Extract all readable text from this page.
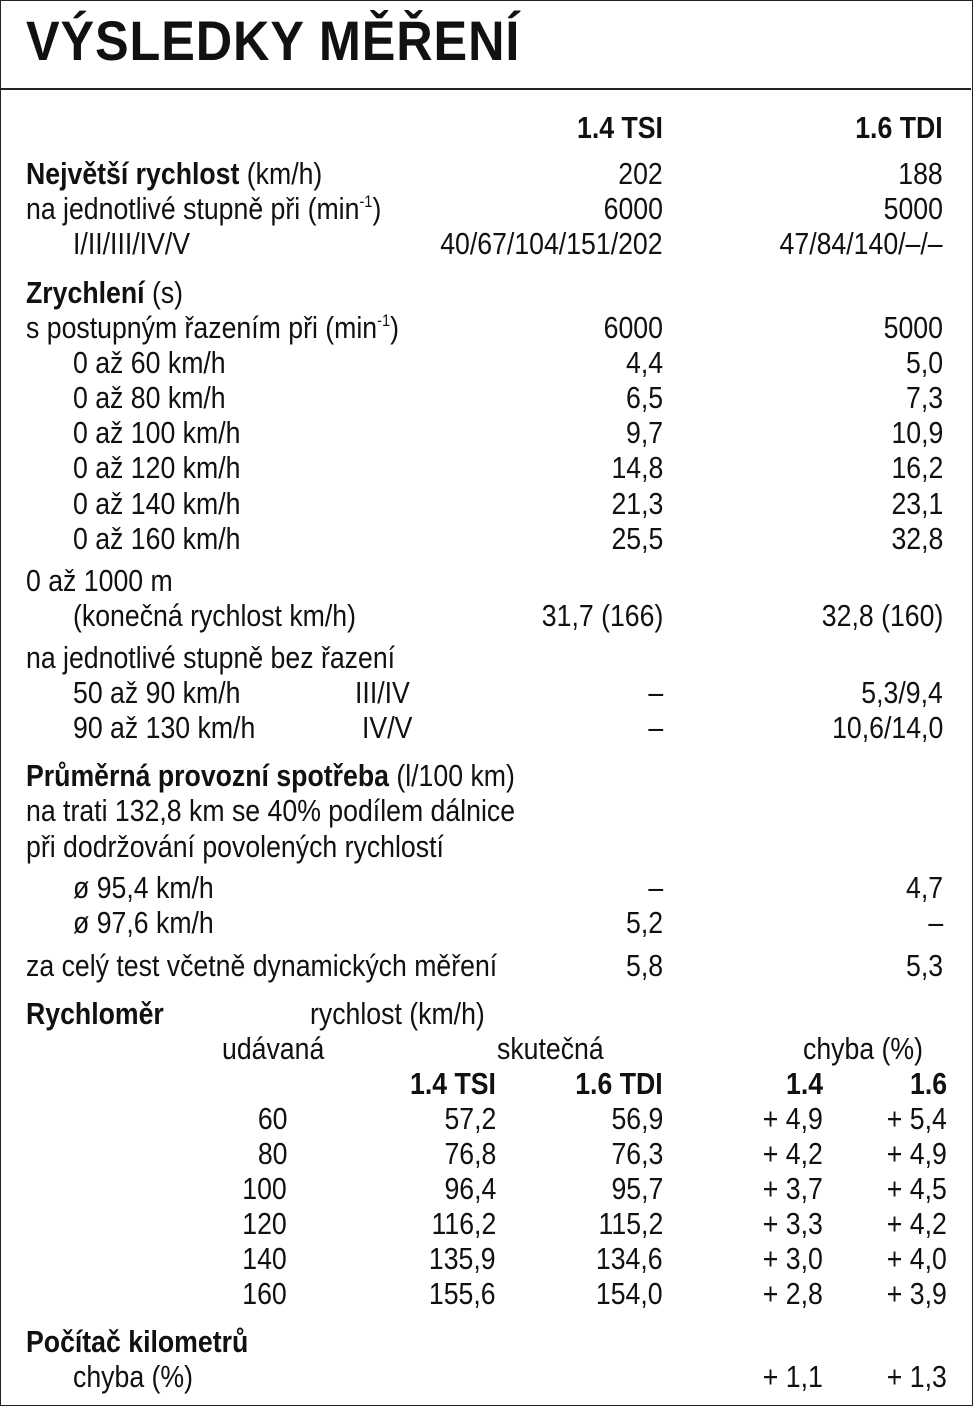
VÝSLEDKY MĚŘENÍ
1.4 TSI	1.6 TDI
Největší rychlost (km/h)	202	188
na jednotlivé stupně při $(\min^{-1})$	6000	5000
I/II/III/IV/V	40/67/104/151/202	47/84/140/–/–
Zrychlení (s)
s postupným řazením při $(\min^{-1})$	6000	5000
0 až 60 km/h	4,4	5,0
0 až 80 km/h	6,5	7,3
0 až 100 km/h	9,7	10,9
0 až 120 km/h	14,8	16,2
0 až 140 km/h	21,3	23,1
0 až 160 km/h	25,5	32,8
0 až 1000 m
(konečná rychlost km/h)	31,7 (166)	32,8 (160)
na jednotlivé stupně bez řazení
50 až 90 km/h	III/IV	–	5,3/9,4
90 až 130 km/h	IV/V	–	10,6/14,0
Průměrná provozní spotřeba (l/100 km)
na trati 132,8 km se 40% podílem dálnice
při dodržování povolených rychlostí
ø 95,4 km/h	–	4,7
ø 97,6 km/h	5,2	–
za celý test včetně dynamických měření	5,8	5,3
Rychloměr	rychlost (km/h)
udávaná	skutečná	chyba (%)
1.4 TSI	1.6 TDI	1.4	1.6
60	57,2	56,9	+ 4,9 + 5,4
80	76,8	76,3	+ 4,2 + 4,9
100	96,4	95,7	+ 3,7 + 4,5
120	116,2	115,2	+ 3,3 + 4,2
140	135,9	134,6	+ 3,0 + 4,0
160	155,6	154,0	+ 2,8 + 3,9
Počítač kilometrů
chyba (%)	+ 1,1 + 1,3
